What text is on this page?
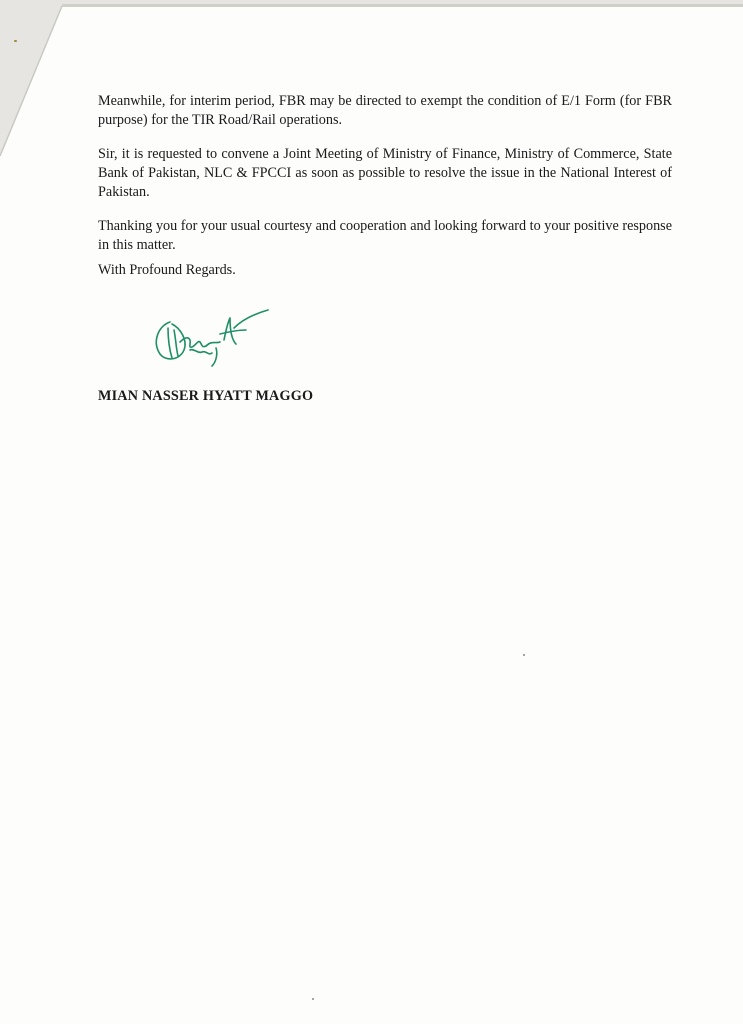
Meanwhile, for interim period, FBR may be directed to exempt the condition of E/1 Form (for FBR purpose) for the TIR Road/Rail operations.

Sir, it is requested to convene a Joint Meeting of Ministry of Finance, Ministry of Commerce, State Bank of Pakistan, NLC & FPCCI as soon as possible to resolve the issue in the National Interest of Pakistan.

Thanking you for your usual courtesy and cooperation and looking forward to your positive response in this matter.

With Profound Regards.
MIAN NASSER HYATT MAGGO
